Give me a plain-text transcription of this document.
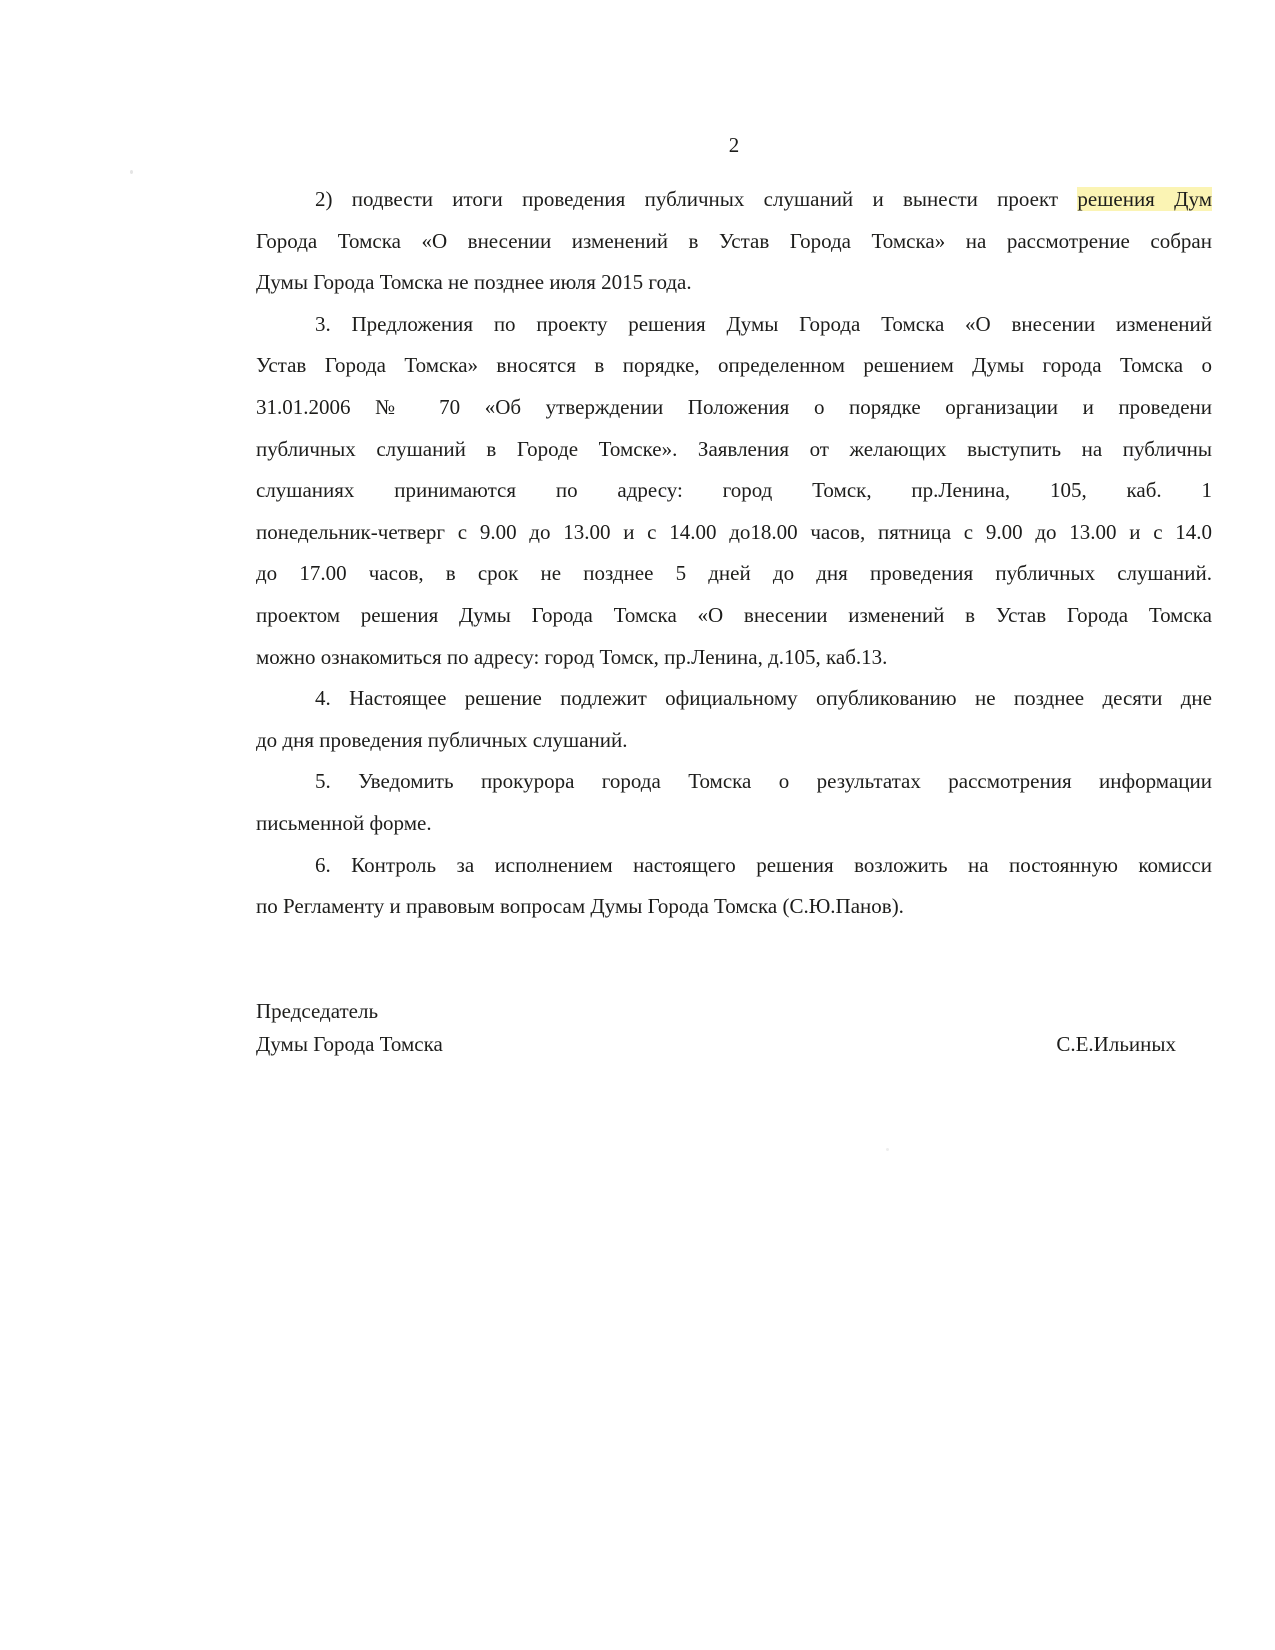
2
2) подвести итоги проведения публичных слушаний и вынести проект решения Дум
Города Томска «О внесении изменений в Устав Города Томска» на рассмотрение собран
Думы Города Томска не позднее июля 2015 года.
3. Предложения по проекту решения Думы Города Томска «О внесении изменений
Устав Города Томска» вносятся в порядке, определенном решением Думы города Томска о
31.01.2006 № 70 «Об утверждении Положения о порядке организации и проведени
публичных слушаний в Городе Томске». Заявления от желающих выступить на публичны
слушаниях принимаются по адресу: город Томск, пр.Ленина, 105, каб. 1
понедельник-четверг с 9.00 до 13.00 и с 14.00 до18.00 часов, пятница с 9.00 до 13.00 и с 14.0
до 17.00 часов, в срок не позднее 5 дней до дня проведения публичных слушаний.
проектом решения Думы Города Томска «О внесении изменений в Устав Города Томска
можно ознакомиться по адресу: город Томск, пр.Ленина, д.105, каб.13.
4. Настоящее решение подлежит официальному опубликованию не позднее десяти дне
до дня проведения публичных слушаний.
5. Уведомить прокурора города Томска о результатах рассмотрения информации
письменной форме.
6. Контроль за исполнением настоящего решения возложить на постоянную комисси
по Регламенту и правовым вопросам Думы Города Томска (С.Ю.Панов).
Председатель
Думы Города Томска	С.Е.Ильиных
